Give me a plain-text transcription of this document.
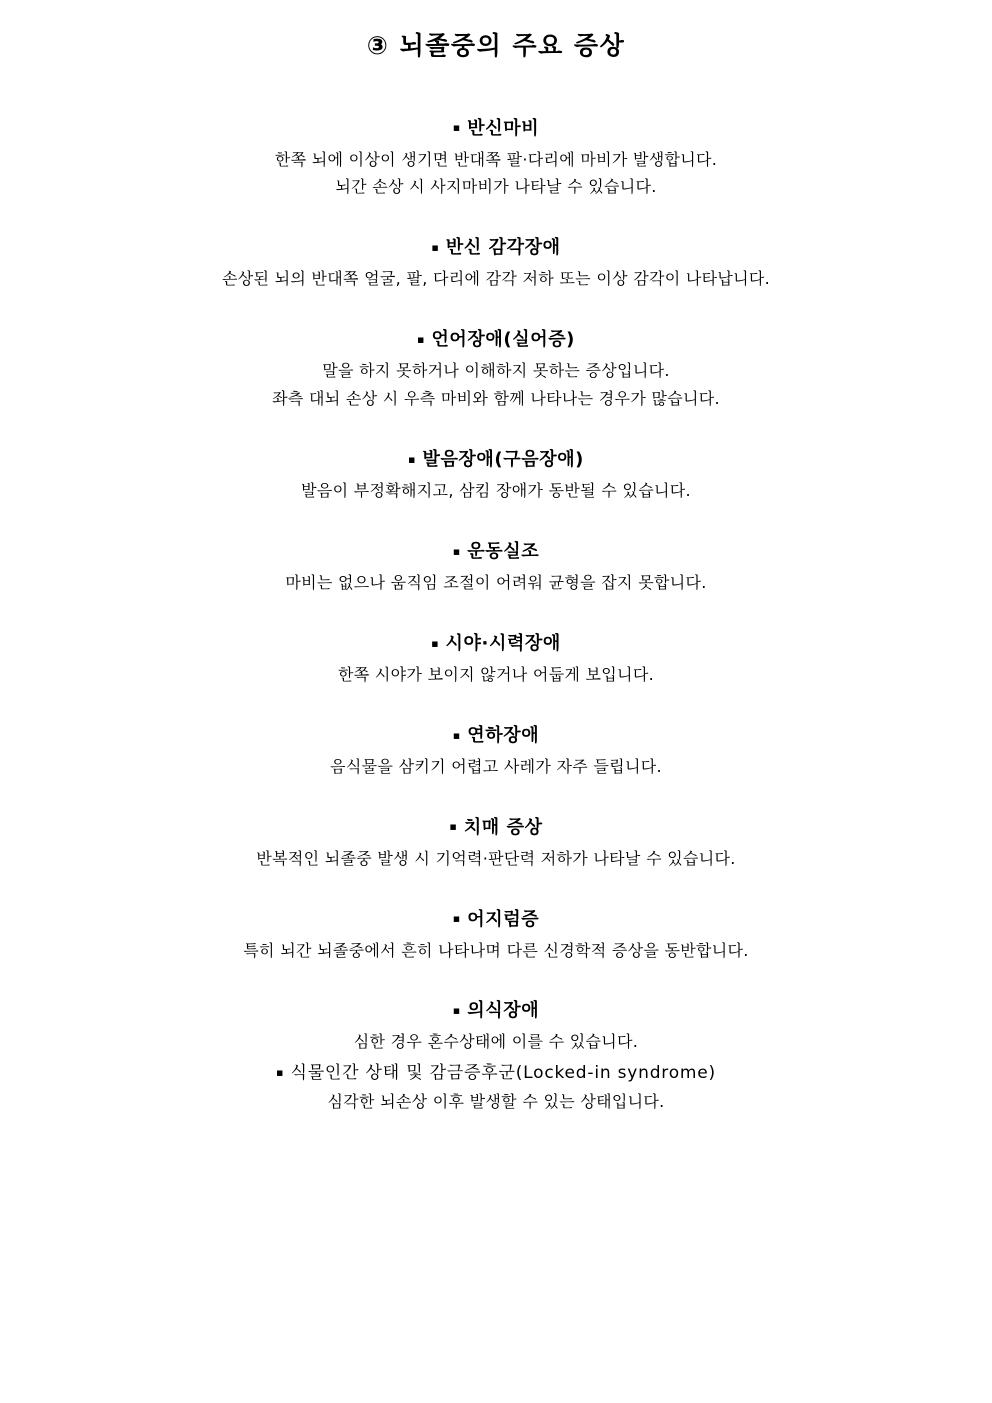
③ 뇌졸중의 주요 증상

▪ 반신마비

한쪽 뇌에 이상이 생기면 반대쪽 팔·다리에 마비가 발생합니다.

뇌간 손상 시 사지마비가 나타날 수 있습니다.

▪ 반신 감각장애

손상된 뇌의 반대쪽 얼굴, 팔, 다리에 감각 저하 또는 이상 감각이 나타납니다.

▪ 언어장애(실어증)

말을 하지 못하거나 이해하지 못하는 증상입니다.

좌측 대뇌 손상 시 우측 마비와 함께 나타나는 경우가 많습니다.

▪ 발음장애(구음장애)

발음이 부정확해지고, 삼킴 장애가 동반될 수 있습니다.

▪ 운동실조

마비는 없으나 움직임 조절이 어려워 균형을 잡지 못합니다.

▪ 시야·시력장애

한쪽 시야가 보이지 않거나 어둡게 보입니다.

▪ 연하장애

음식물을 삼키기 어렵고 사레가 자주 들립니다.

▪ 치매 증상

반복적인 뇌졸중 발생 시 기억력·판단력 저하가 나타날 수 있습니다.

▪ 어지럼증

특히 뇌간 뇌졸중에서 흔히 나타나며 다른 신경학적 증상을 동반합니다.

▪ 의식장애

심한 경우 혼수상태에 이를 수 있습니다.

▪ 식물인간 상태 및 감금증후군(Locked-in syndrome)

심각한 뇌손상 이후 발생할 수 있는 상태입니다.
